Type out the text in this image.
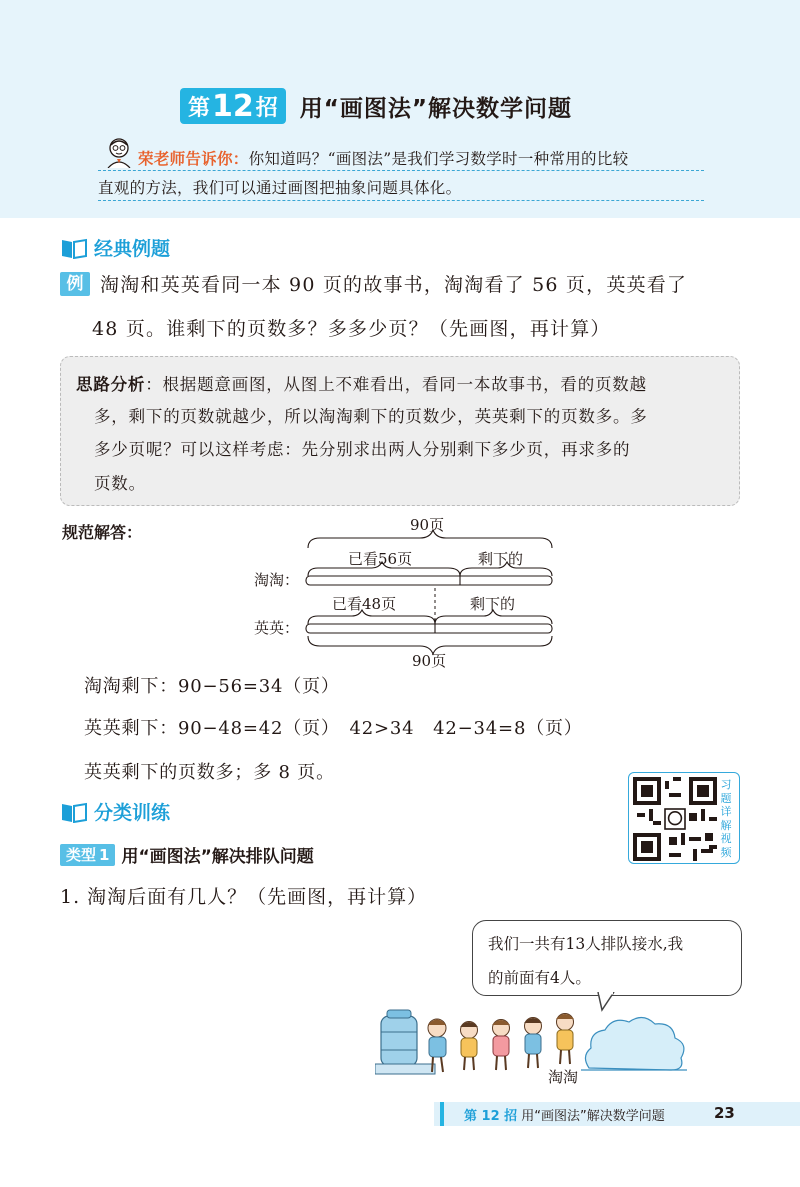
第 12 招 用“画图法”解决数学问题
荣老师告诉你：你知道吗？“画图法”是我们学习数学时一种常用的比较
直观的方法，我们可以通过画图把抽象问题具体化。
经典例题
例 淘淘和英英看同一本 90 页的故事书，淘淘看了 56 页，英英看了
48 页。谁剩下的页数多？多多少页？（先画图，再计算）
思路分析：根据题意画图，从图上不难看出，看同一本故事书，看的页数越
多，剩下的页数就越少，所以淘淘剩下的页数少，英英剩下的页数多。多
多少页呢？可以这样考虑：先分别求出两人分别剩下多少页，再求多的
页数。
规范解答：	90页
已看56页	剩下的
淘淘：
已看48页	剩下的
英英：
90页
淘淘剩下：90−56=34（页）
英英剩下：90−48=42（页）　42>34　42−34=8（页）
英英剩下的页数多；多 8 页。
习
题
详
解
视
频
分类训练
类型 1 用“画图法”解决排队问题
1. 淘淘后面有几人？（先画图，再计算）
我们一共有13人排队接水,我
的前面有4人。
淘淘
第 12 招 用“画图法”解决数学问题	23
